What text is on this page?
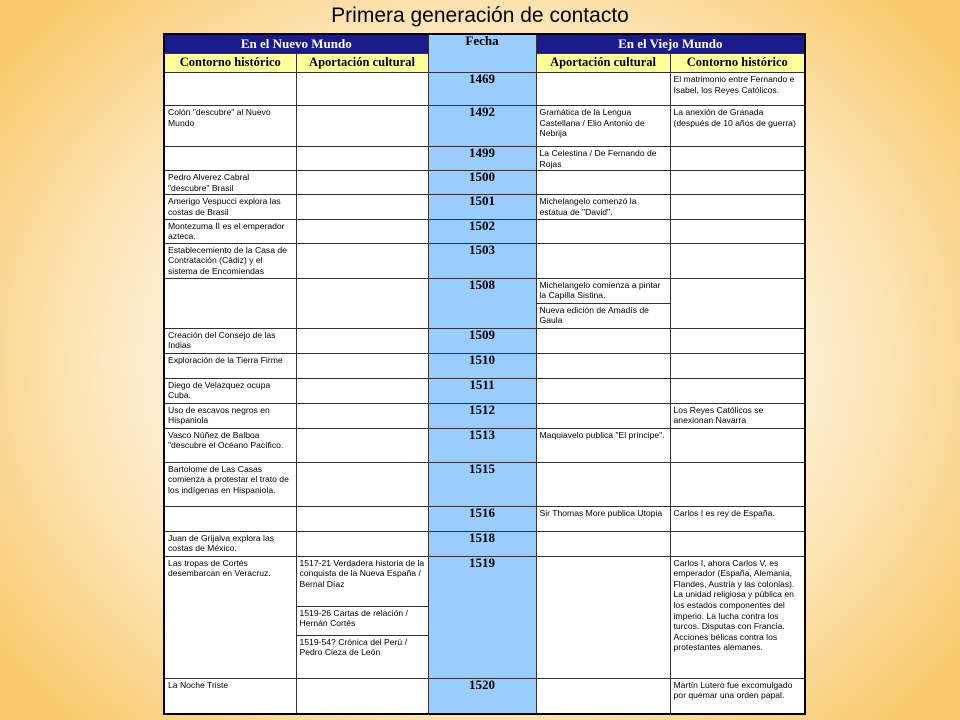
Primera generación de contacto
En el Nuevo Mundo		Fecha	En el Viejo Mundo	
Contorno histórico	Aportación cultural		Aportación cultural	Contorno histórico
		1469		El matrimonio entre Fernando e Isabel, los Reyes Católicos.
Colón "descubre" al Nuevo Mundo		1492	Gramática de la Lengua Castellana / Elio Antonio de Nebrija	La anexión de Granada (después de 10 años de guerra)
		1499	La Celestina / De Fernando de Rojas	
Pedro Alverez Cabral "descubre" Brasil		1500		
Amerigo Vespucci explora las costas de Brasil		1501	Michelangelo comenzó la estatua de "David".	
Montezuma II es el emperador azteca.		1502		
Establecemiento de la Casa de Contratación (Cádiz) y el sistema de Encomiendas		1503		
		1508	Michelangelo comienza a pintar la Capilla Sistina.	
			Nueva edición de Amadís de Gaula	
Creación del Consejo de las Indias		1509		
Exploración de la Tierra Firme		1510		
Diego de Velazquez ocupa Cuba.		1511		
Uso de escavos negros en Hispaniola		1512		Los Reyes Católicos se anexionan Navarra
Vasco Núñez de Balboa "descubre el Océano Pacífico.		1513	Maquiavelo publica "El príncipe".	
Bartolome de Las Casas comienza a protestar el trato de los indígenas en Hispaniola.		1515		
		1516	Sir Thomas More publica Utopia	Carlos I es rey de España.
Juan de Grijalva explora las costas de México.		1518		
Las tropas de Cortés desembarcan en Veracruz.	1517-21 Verdadera historia de la conquista de la Nueva España / Bernal Díaz	1519		Carlos I, ahora Carlos V, es emperador (España, Alemania, Flandes, Austria y las colonias). La unidad religiosa y pública en los estados componentes del imperio. La lucha contra los turcos. Disputas con Francia. Acciones bélicas contra los protestantes alemanes.
	1519-26 Cartas de relación / Hernán Cortés			
	1519-54? Crónica del Perú / Pedro Cieza de León			
La Noche Triste		1520		Martín Lutero fue excomulgado por quemar una orden papal.
